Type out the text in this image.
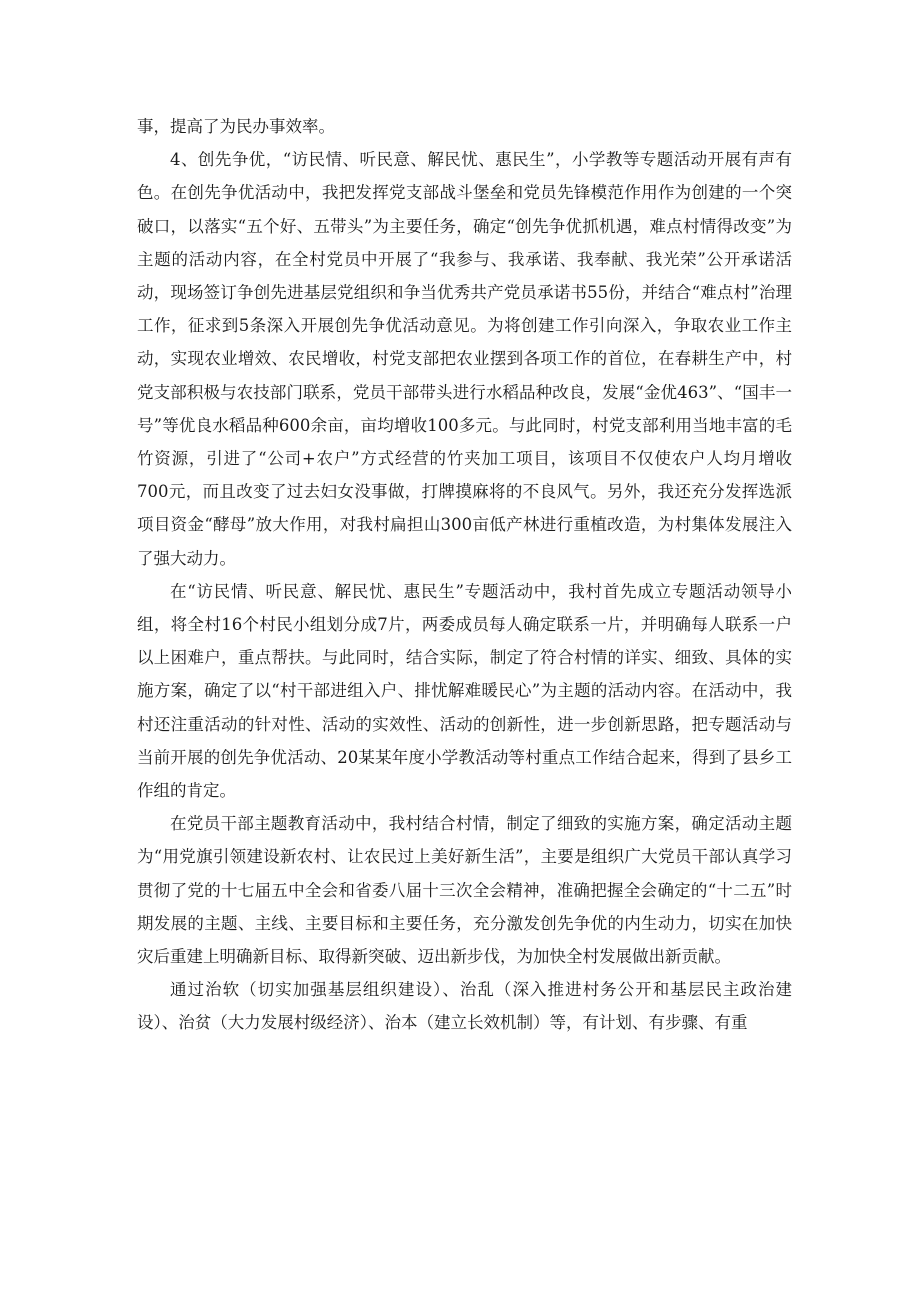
事，提高了为民办事效率。

4、创先争优，“访民情、听民意、解民忧、惠民生”，小学教等专题活动开展有声有色。在创先争优活动中，我把发挥党支部战斗堡垒和党员先锋模范作用作为创建的一个突破口，以落实“五个好、五带头”为主要任务，确定“创先争优抓机遇，难点村情得改变”为主题的活动内容，在全村党员中开展了“我参与、我承诺、我奉献、我光荣”公开承诺活动，现场签订争创先进基层党组织和争当优秀共产党员承诺书55份，并结合“难点村”治理工作，征求到5条深入开展创先争优活动意见。为将创建工作引向深入，争取农业工作主动，实现农业增效、农民增收，村党支部把农业摆到各项工作的首位，在春耕生产中，村党支部积极与农技部门联系，党员干部带头进行水稻品种改良，发展“金优463”、“国丰一号”等优良水稻品种600余亩，亩均增收100多元。与此同时，村党支部利用当地丰富的毛竹资源，引进了“公司+农户”方式经营的竹夹加工项目，该项目不仅使农户人均月增收700元，而且改变了过去妇女没事做，打牌摸麻将的不良风气。另外，我还充分发挥选派项目资金“酵母”放大作用，对我村扁担山300亩低产林进行重植改造，为村集体发展注入了强大动力。

在“访民情、听民意、解民忧、惠民生”专题活动中，我村首先成立专题活动领导小组，将全村16个村民小组划分成7片，两委成员每人确定联系一片，并明确每人联系一户以上困难户，重点帮扶。与此同时，结合实际，制定了符合村情的详实、细致、具体的实施方案，确定了以“村干部进组入户、排忧解难暖民心”为主题的活动内容。在活动中，我村还注重活动的针对性、活动的实效性、活动的创新性，进一步创新思路，把专题活动与当前开展的创先争优活动、20某某年度小学教活动等村重点工作结合起来，得到了县乡工作组的肯定。

在党员干部主题教育活动中，我村结合村情，制定了细致的实施方案，确定活动主题为“用党旗引领建设新农村、让农民过上美好新生活”，主要是组织广大党员干部认真学习贯彻了党的十七届五中全会和省委八届十三次全会精神，准确把握全会确定的“十二五”时期发展的主题、主线、主要目标和主要任务，充分激发创先争优的内生动力，切实在加快灾后重建上明确新目标、取得新突破、迈出新步伐，为加快全村发展做出新贡献。

通过治软（切实加强基层组织建设）、治乱（深入推进村务公开和基层民主政治建设）、治贫（大力发展村级经济）、治本（建立长效机制）等，有计划、有步骤、有重
